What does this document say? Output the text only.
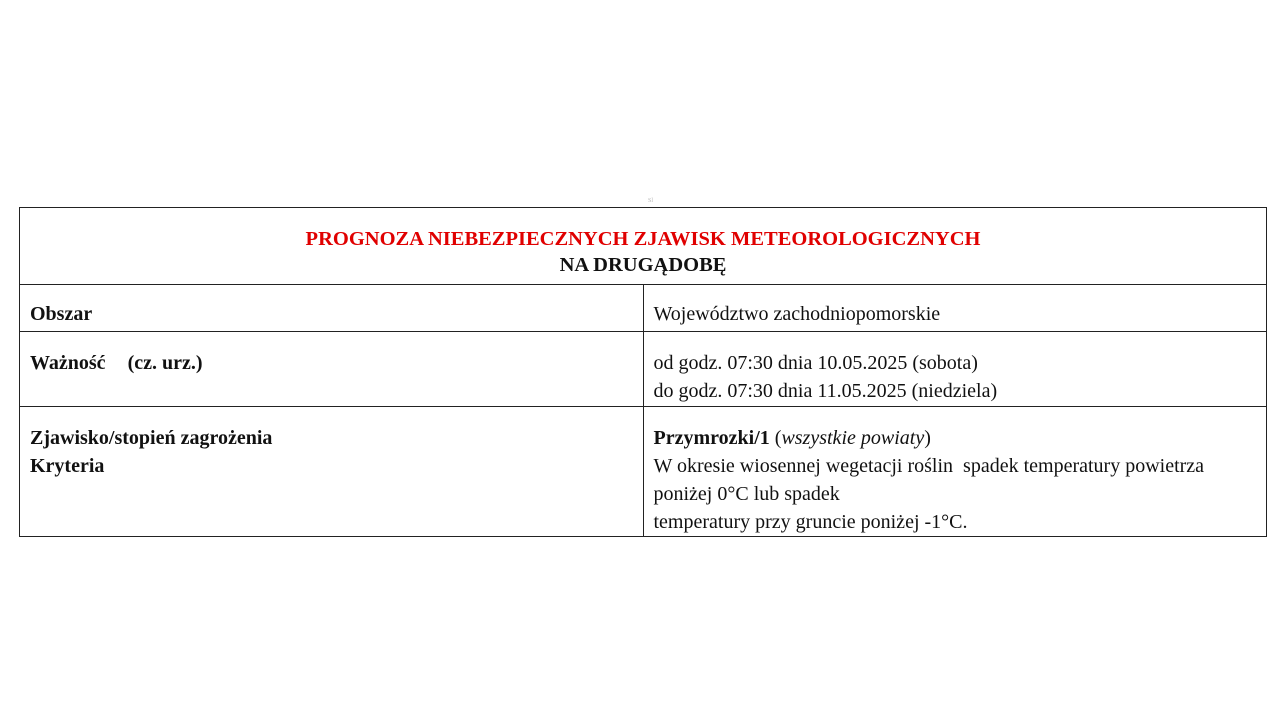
Sl
PROGNOZA NIEBEZPIECZNYCH ZJAWISK METEOROLOGICZNYCH
NA DRUGĄDOBĘ	

Obszar	Województwo zachodniopomorskie

Ważność (cz. urz.)	od godz. 07:30 dnia 10.05.2025 (sobota)
do godz. 07:30 dnia 11.05.2025 (niedziela)

Zjawisko/stopień zagrożenia
Kryteria	Przymrozki/1 (wszystkie powiaty)
W okresie wiosennej wegetacji roślin  spadek temperatury powietrza poniżej 0°C lub spadek
temperatury przy gruncie poniżej -1°C.
